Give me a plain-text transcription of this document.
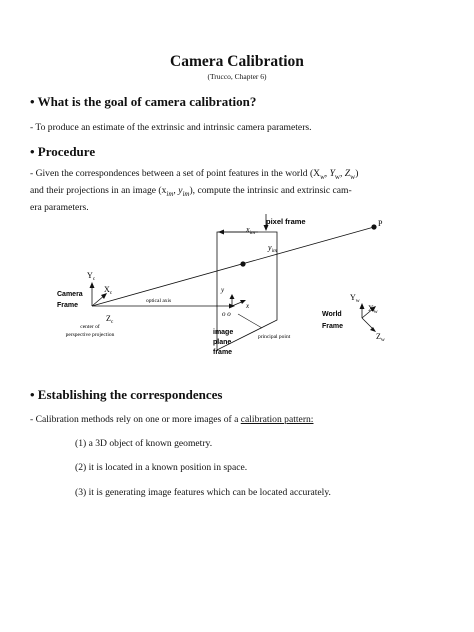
Camera Calibration
(Trucco, Chapter 6)
• What is the goal of camera calibration?
- To produce an estimate of the extrinsic and intrinsic camera parameters.
• Procedure
- Given the correspondences between a set of point features in the world ($X_w$, $Y_w$, $Z_w$)
and their projections in an image ($x_{im}$, $y_{im}$), compute the intrinsic and extrinsic cam-
era parameters.
pixel frame
$x_{im}$
$y_{im}$
P
$Y_c$
$X_c$
$Z_c$
Camera
Frame
optical axis
center of
perspective projection
y
x
o o
image
plane
frame
principal point
$Y_w$
$X_w$
$Z_w$
World
Frame
• Establishing the correspondences
- Calibration methods rely on one or more images of a calibration pattern:
(1) a 3D object of known geometry.
(2) it is located in a known position in space.
(3) it is generating image features which can be located accurately.
